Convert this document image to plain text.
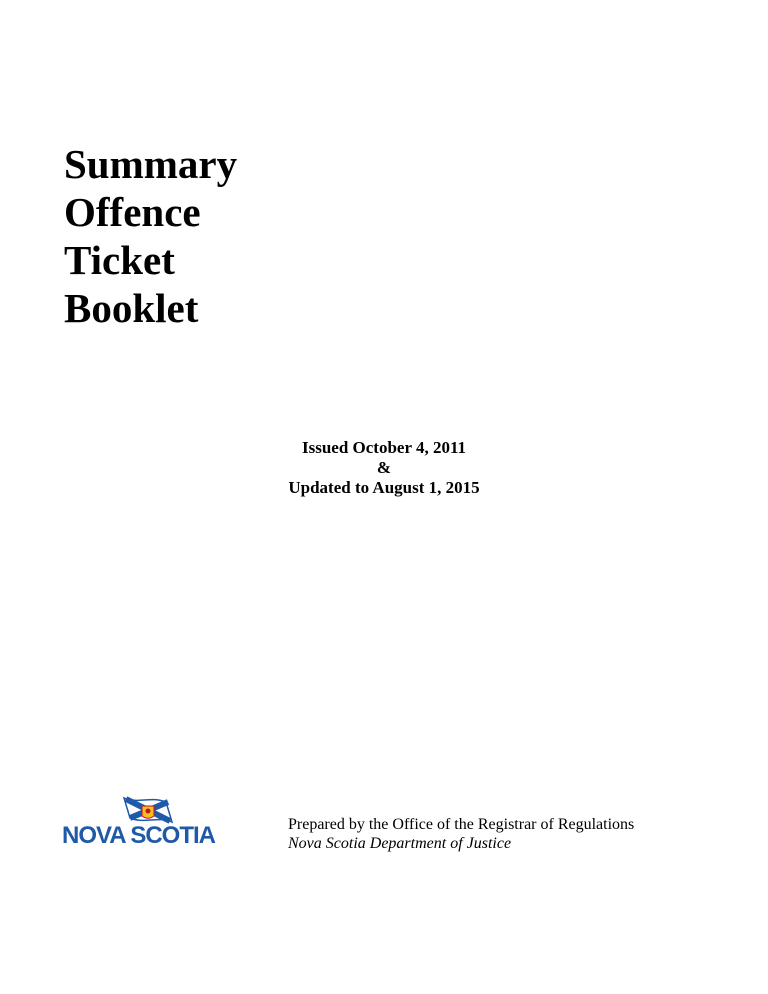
Summary
Offence
Ticket
Booklet
Issued October 4, 2011
&
Updated to August 1, 2015
NOVA SCOTIA	Prepared by the Office of the Registrar of Regulations
Nova Scotia Department of Justice
